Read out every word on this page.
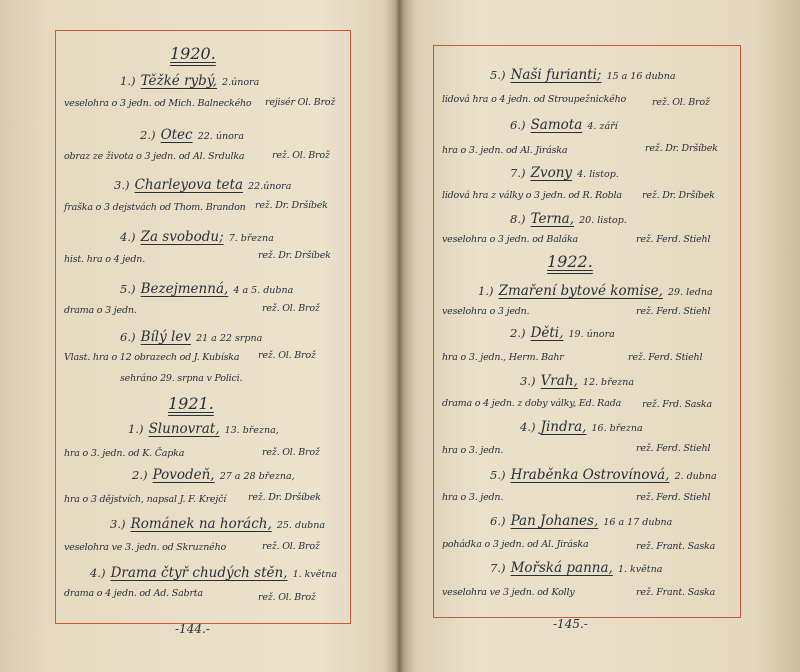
1920.
1.) Těžké rybý, 2.února
veselohra o 3 jedn. od Mich. Balneckého rejisér Ol. Brož
2.) Otec 22. února
obraz ze života o 3 jedn. od Al. Srdulka	rež. Ol. Brož
3.) Charleyova teta 22.února
fraška o 3 dejstvách od Thom. Brandon rež. Dr. Dršíbek
4.) Za svobodu; 7. března
hist. hra o 4 jedn.	rež. Dr. Dršíbek
5.) Bezejmenná, 4 a 5. dubna
drama o 3 jedn.	rež. Ol. Brož
6.) Bílý lev 21 a 22 srpna
Vlast. hra o 12 obrazech od J. Kubíska rež. Ol. Brož
sehráno 29. srpna v Polici.
1921.
1.) Slunovrat, 13. března,
hra o 3. jedn. od K. Čapka	rež. Ol. Brož
2.) Povodeň, 27 a 28 března,
hra o 3 dějstvích, napsal J. F. Krejčí rež. Dr. Dršíbek
3.) Románek na horách, 25. dubna
veselohra ve 3. jedn. od Skruzného	rež. Ol. Brož
4.) Drama čtyř chudých stěn, 1. května
drama o 4 jedn. od Ad. Sabrta	rež. Ol. Brož
-144.-
5.) Naši furianti; 15 a 16 dubna
lidová hra o 4 jedn. od Stroupežnického	rež. Ol. Brož
6.) Samota 4. září
hra o 3. jedn. od Al. Jiráska	rež. Dr. Dršíbek
7.) Zvony 4. listop.
lidová hra z války o 3 jedn. od R. Robla rež. Dr. Dršíbek
8.) Terna, 20. listop.
veselohra o 3 jedn. od Baláka	rež. Ferd. Stiehl
1922.
1.) Zmaření bytové komise, 29. ledna
veselohra o 3 jedn.	rež. Ferd. Stiehl
2.) Děti, 19. února
hra o 3. jedn., Herm. Bahr	rež. Ferd. Stiehl
3.) Vrah, 12. března
drama o 4 jedn. z doby války, Ed. Rada rež. Frd. Saska
4.) Jindra, 16. března
hra o 3. jedn.	rež. Ferd. Stiehl
5.) Hraběnka Ostrovínová, 2. dubna
hra o 3. jedn.	rež. Ferd. Stiehl
6.) Pan Johanes, 16 a 17 dubna
pohádka o 3 jedn. od Al. Jiráska	rež. Frant. Saska
7.) Mořská panna, 1. května
veselohra ve 3 jedn. od Kolly	rež. Frant. Saska
-145.-
